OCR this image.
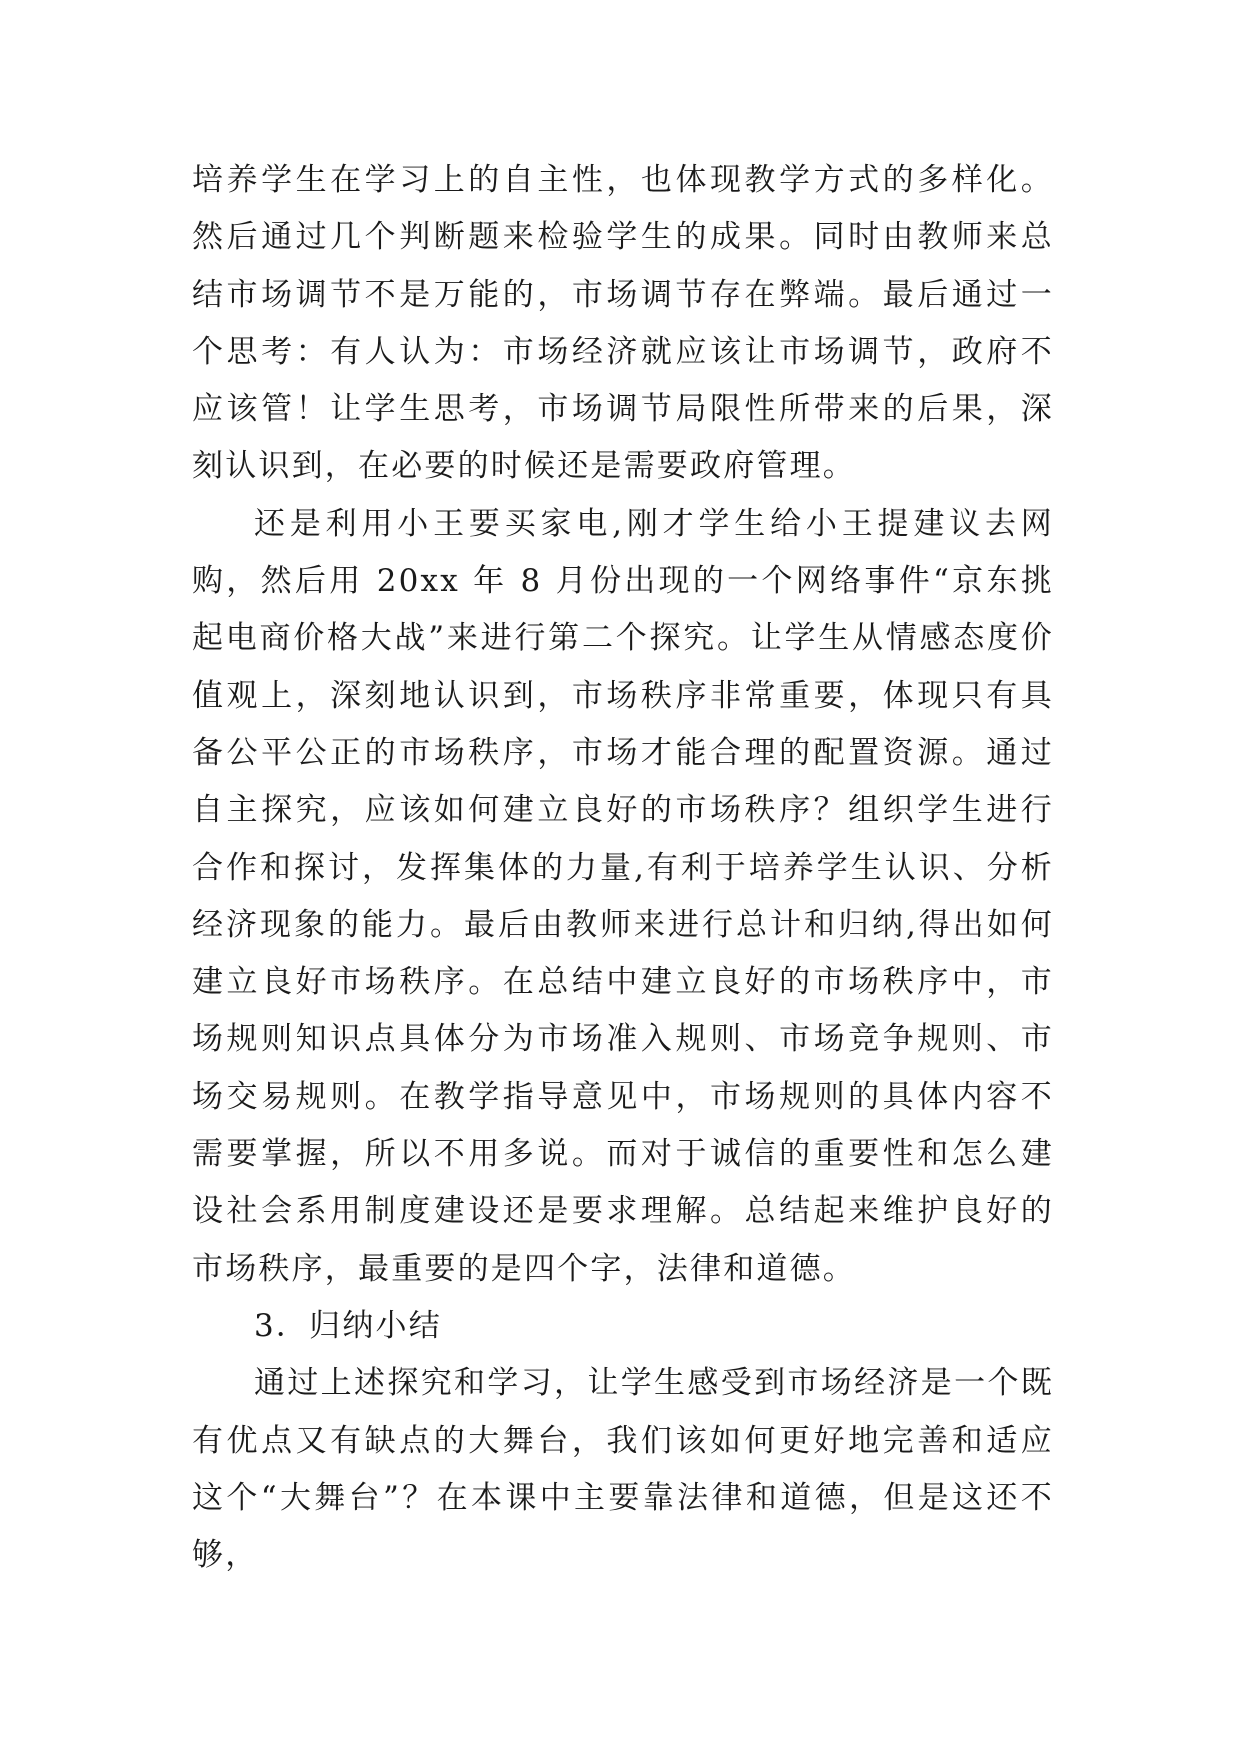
培养学生在学习上的自主性，也体现教学方式的多样化。然后通过几个判断题来检验学生的成果。同时由教师来总结市场调节不是万能的，市场调节存在弊端。最后通过一个思考：有人认为：市场经济就应该让市场调节，政府不应该管！让学生思考，市场调节局限性所带来的后果，深刻认识到，在必要的时候还是需要政府管理。

还是利用小王要买家电,刚才学生给小王提建议去网购，然后用 20xx 年 8 月份出现的一个网络事件“京东挑起电商价格大战”来进行第二个探究。让学生从情感态度价值观上，深刻地认识到，市场秩序非常重要，体现只有具备公平公正的市场秩序，市场才能合理的配置资源。通过自主探究，应该如何建立良好的市场秩序？组织学生进行合作和探讨，发挥集体的力量,有利于培养学生认识、分析经济现象的能力。最后由教师来进行总计和归纳,得出如何建立良好市场秩序。在总结中建立良好的市场秩序中，市场规则知识点具体分为市场准入规则、市场竞争规则、市场交易规则。在教学指导意见中，市场规则的具体内容不需要掌握，所以不用多说。而对于诚信的重要性和怎么建设社会系用制度建设还是要求理解。总结起来维护良好的市场秩序，最重要的是四个字，法律和道德。

3．归纳小结

通过上述探究和学习，让学生感受到市场经济是一个既有优点又有缺点的大舞台，我们该如何更好地完善和适应这个“大舞台”？在本课中主要靠法律和道德，但是这还不够，
